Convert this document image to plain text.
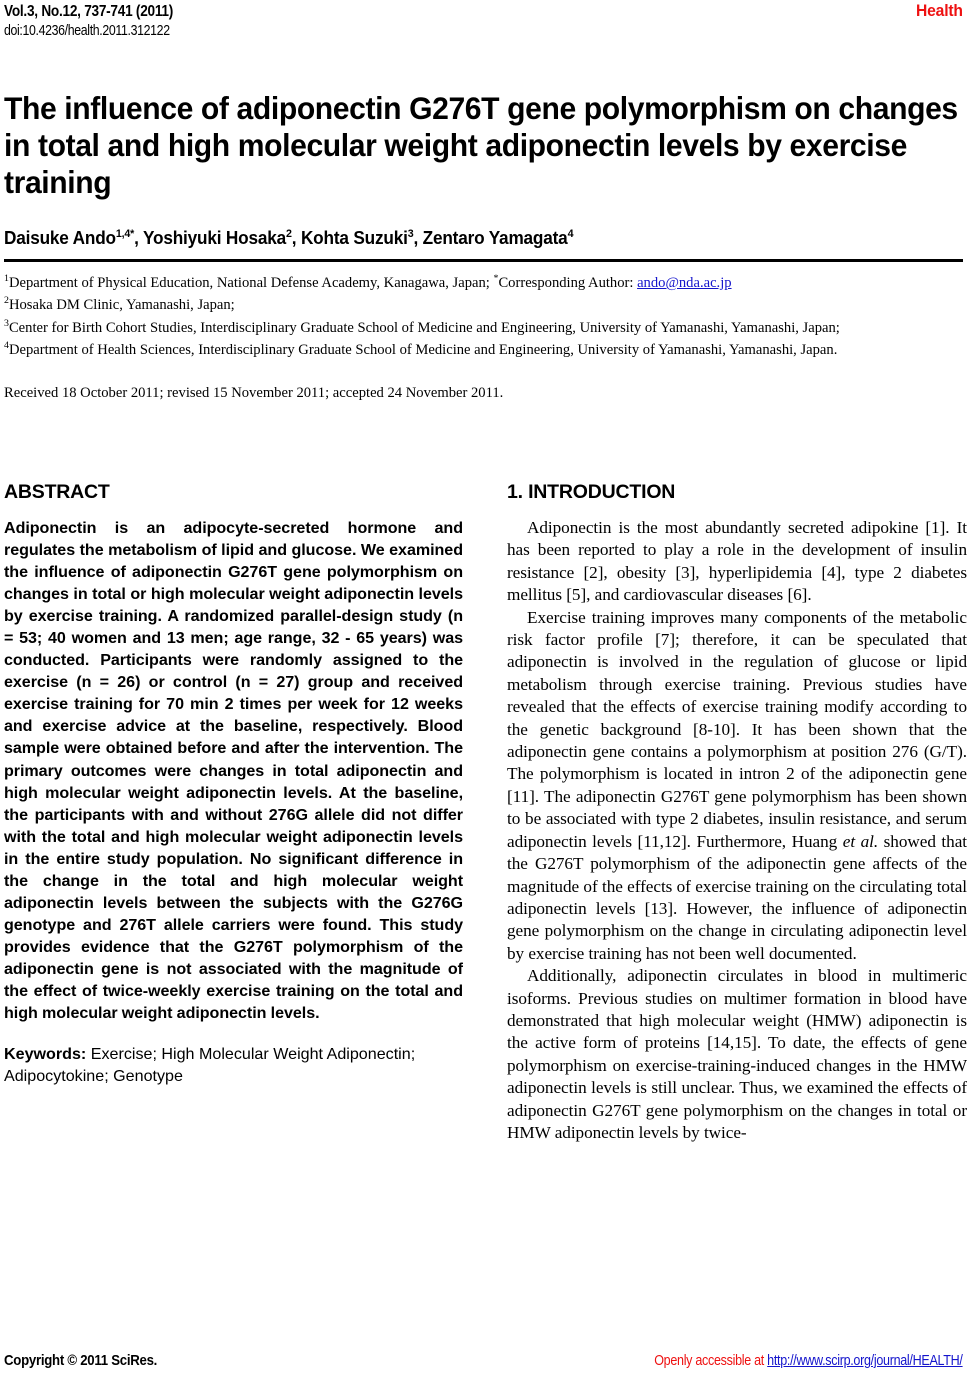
Vol.3, No.12, 737-741 (2011)
doi:10.4236/health.2011.312122
Health
The influence of adiponectin G276T gene polymorphism on changes in total and high molecular weight adiponectin levels by exercise training
Daisuke Ando$^{1,4*}$, Yoshiyuki Hosaka$^2$, Kohta Suzuki$^3$, Zentaro Yamagata$^4$

$^1$Department of Physical Education, National Defense Academy, Kanagawa, Japan; *Corresponding Author: ando@nda.ac.jp

$^2$Hosaka DM Clinic, Yamanashi, Japan;

$^3$Center for Birth Cohort Studies, Interdisciplinary Graduate School of Medicine and Engineering, University of Yamanashi, Yamanashi, Japan;

$^4$Department of Health Sciences, Interdisciplinary Graduate School of Medicine and Engineering, University of Yamanashi, Yamanashi, Japan.

Received 18 October 2011; revised 15 November 2011; accepted 24 November 2011.
ABSTRACT

Adiponectin is an adipocyte-secreted hormone and regulates the metabolism of lipid and glucose. We examined the influence of adiponectin G276T gene polymorphism on changes in total or high molecular weight adiponectin levels by exercise training. A randomized parallel-design study (n = 53; 40 women and 13 men; age range, 32 - 65 years) was conducted. Participants were randomly assigned to the exercise (n = 26) or control (n = 27) group and received exercise training for 70 min 2 times per week for 12 weeks and exercise advice at the baseline, respectively. Blood sample were obtained before and after the intervention. The primary outcomes were changes in total adiponectin and high molecular weight adiponectin levels. At the baseline, the participants with and without 276G allele did not differ with the total and high molecular weight adiponectin levels in the entire study population. No significant difference in the change in the total and high molecular weight adiponectin levels between the subjects with the G276G genotype and 276T allele carriers were found. This study provides evidence that the G276T polymorphism of the adiponectin gene is not associated with the magnitude of the effect of twice-weekly exercise training on the total and high molecular weight adiponectin levels.

Keywords: Exercise; High Molecular Weight Adiponectin; Adipocytokine; Genotype
1. INTRODUCTION

Adiponectin is the most abundantly secreted adipokine [1]. It has been reported to play a role in the development of insulin resistance [2], obesity [3], hyperlipidemia [4], type 2 diabetes mellitus [5], and cardiovascular diseases [6].

Exercise training improves many components of the metabolic risk factor profile [7]; therefore, it can be speculated that adiponectin is involved in the regulation of glucose or lipid metabolism through exercise training. Previous studies have revealed that the effects of exercise training modify according to the genetic background [8-10]. It has been shown that the adiponectin gene contains a polymorphism at position 276 (G/T). The polymorphism is located in intron 2 of the adiponectin gene [11]. The adiponectin G276T gene polymorphism has been shown to be associated with type 2 diabetes, insulin resistance, and serum adiponectin levels [11,12]. Furthermore, Huang et al. showed that the G276T polymorphism of the adiponectin gene affects of the magnitude of the effects of exercise training on the circulating total adiponectin levels [13]. However, the influence of adiponectin gene polymorphism on the change in circulating adiponectin level by exercise training has not been well documented.

Additionally, adiponectin circulates in blood in multimeric isoforms. Previous studies on multimer formation in blood have demonstrated that high molecular weight (HMW) adiponectin is the active form of proteins [14,15]. To date, the effects of gene polymorphism on exercise-training-induced changes in the HMW adiponectin levels is still unclear. Thus, we examined the effects of adiponectin G276T gene polymorphism on the changes in total or HMW adiponectin levels by twice-

Copyright © 2011 SciRes.	Openly accessible at http://www.scirp.org/journal/HEALTH/
